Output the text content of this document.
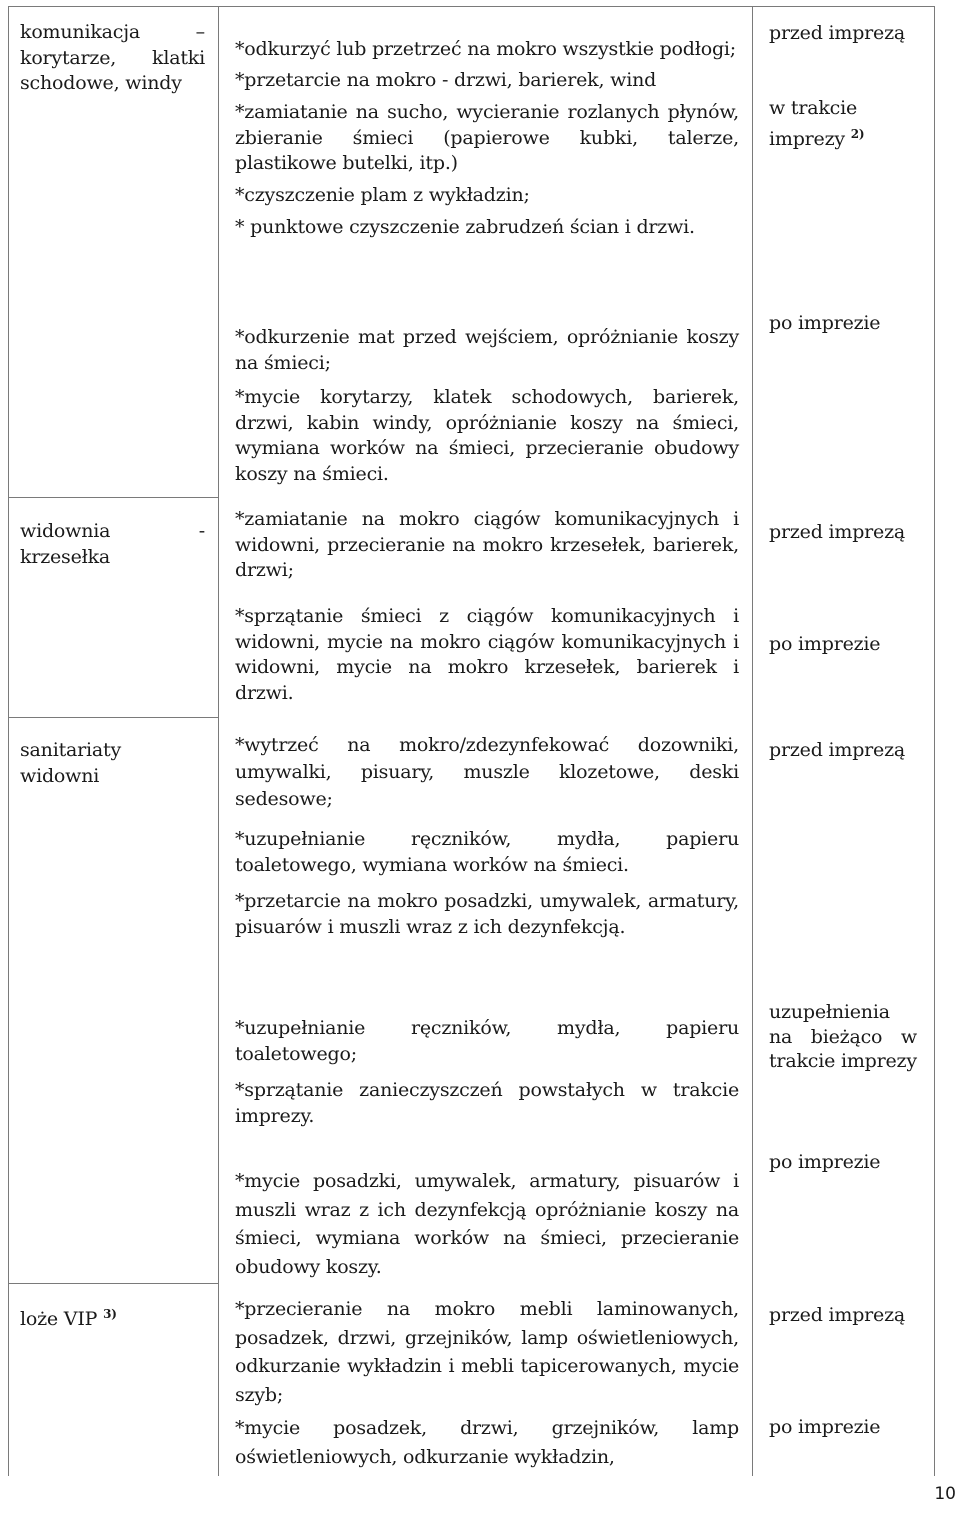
komunikacja – korytarze, klatki schodowe, windy

*odkurzyć lub przetrzeć na mokro wszystkie podłogi;

*przetarcie na mokro - drzwi, barierek, wind

*zamiatanie na sucho, wycieranie rozlanych płynów, zbieranie śmieci (papierowe kubki, talerze, plastikowe butelki, itp.)

*czyszczenie plam z wykładzin;

* punktowe czyszczenie zabrudzeń ścian i drzwi.

przed imprezą

w trakcie imprezy $^{2)}$

*odkurzenie mat przed wejściem, opróżnianie koszy na śmieci;

*mycie korytarzy, klatek schodowych, barierek, drzwi, kabin windy, opróżnianie koszy na śmieci, wymiana worków na śmieci, przecieranie obudowy koszy na śmieci.

po imprezie

widownia	-

krzesełka

*zamiatanie na mokro ciągów komunikacyjnych i widowni, przecieranie na mokro krzesełek, barierek, drzwi;

przed imprezą

*sprzątanie śmieci z ciągów komunikacyjnych i widowni, mycie na mokro ciągów komunikacyjnych i widowni, mycie na mokro krzesełek, barierek i drzwi.

po imprezie

sanitariaty widowni

*wytrzeć na mokro/zdezynfekować dozowniki, umywalki, pisuary, muszle klozetowe, deski sedesowe;

*uzupełnianie ręczników, mydła, papieru toaletowego, wymiana worków na śmieci.

*przetarcie na mokro posadzki, umywalek, armatury, pisuarów i muszli wraz z ich dezynfekcją.

przed imprezą

*uzupełnianie ręczników, mydła, papieru toaletowego;

*sprzątanie zanieczyszczeń powstałych w trakcie imprezy.

uzupełnienia na bieżąco w trakcie imprezy

*mycie posadzki, umywalek, armatury, pisuarów i muszli wraz z ich dezynfekcją opróżnianie koszy na śmieci, wymiana worków na śmieci, przecieranie obudowy koszy.

po imprezie

loże VIP $^{3)}$	*przecieranie na mokro mebli laminowanych, posadzek, drzwi, grzejników, lamp oświetleniowych, odkurzanie wykładzin i mebli tapicerowanych, mycie szyb;

przed imprezą

*mycie posadzek, drzwi, grzejników, lamp oświetleniowych, odkurzanie wykładzin,

po imprezie

10
